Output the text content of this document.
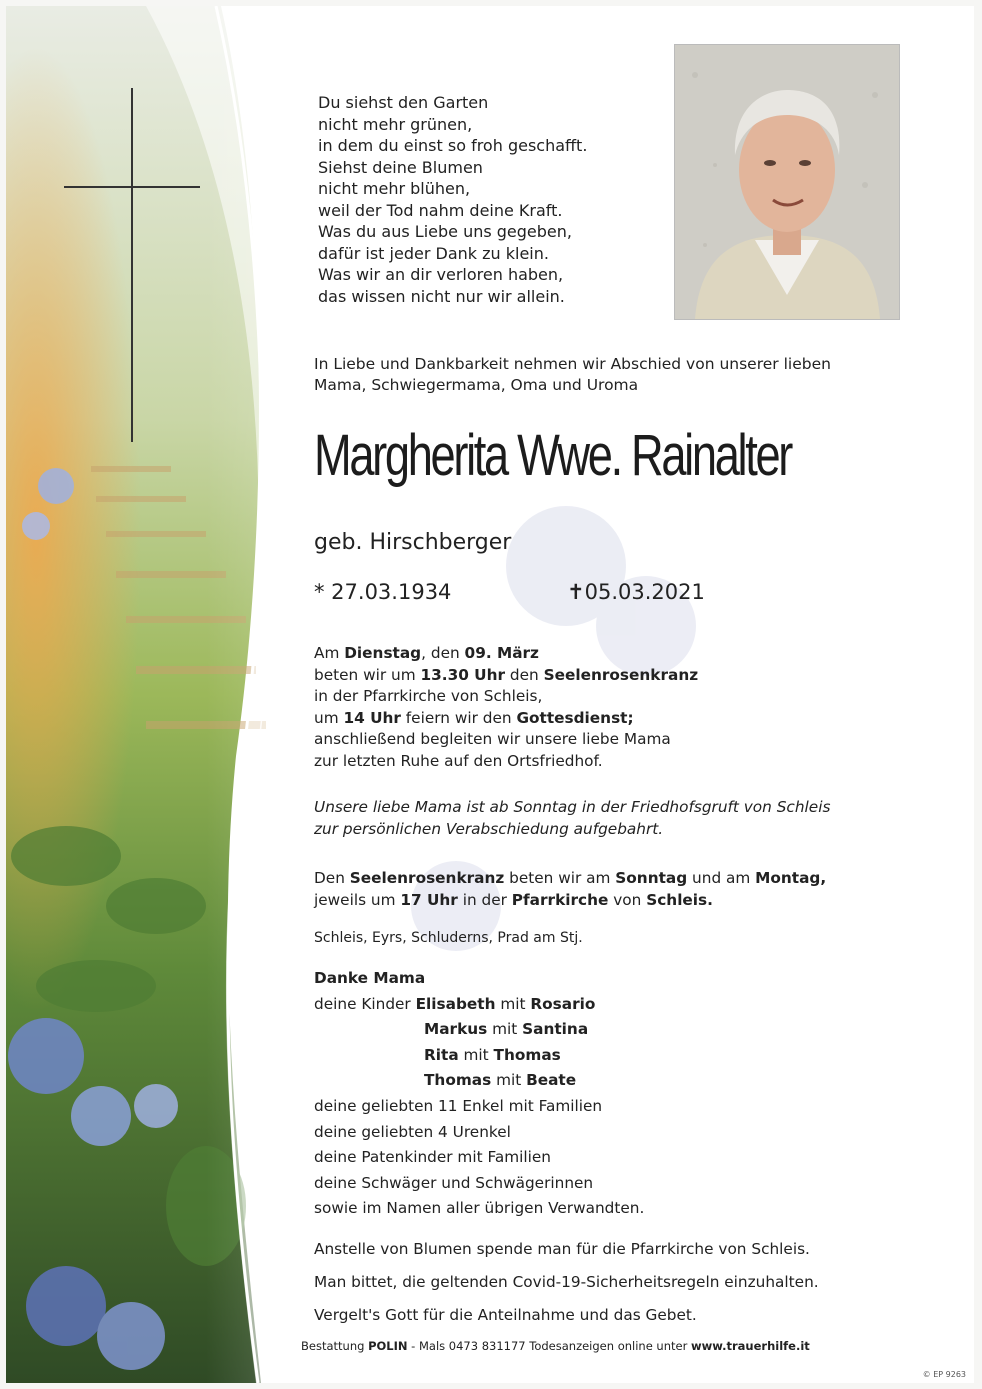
Du siehst den Garten
nicht mehr grünen,
in dem du einst so froh geschafft.
Siehst deine Blumen
nicht mehr blühen,
weil der Tod nahm deine Kraft.
Was du aus Liebe uns gegeben,
dafür ist jeder Dank zu klein.
Was wir an dir verloren haben,
das wissen nicht nur wir allein.
In Liebe und Dankbarkeit nehmen wir Abschied von unserer lieben
Mama, Schwiegermama, Oma und Uroma
Margherita Wwe. Rainalter
geb. Hirschberger
* 27.03.1934	✝05.03.2021
Am Dienstag, den 09. März
beten wir um 13.30 Uhr den Seelenrosenkranz
in der Pfarrkirche von Schleis,
um 14 Uhr feiern wir den Gottesdienst;
anschließend begleiten wir unsere liebe Mama
zur letzten Ruhe auf den Ortsfriedhof.
Unsere liebe Mama ist ab Sonntag in der Friedhofsgruft von Schleis
zur persönlichen Verabschiedung aufgebahrt.
Den Seelenrosenkranz beten wir am Sonntag und am Montag,
jeweils um 17 Uhr in der Pfarrkirche von Schleis.
Schleis, Eyrs, Schluderns, Prad am Stj.
Danke Mama
deine Kinder Elisabeth mit Rosario
Markus mit Santina
Rita mit Thomas
Thomas mit Beate
deine geliebten 11 Enkel mit Familien
deine geliebten 4 Urenkel
deine Patenkinder mit Familien
deine Schwäger und Schwägerinnen
sowie im Namen aller übrigen Verwandten.
Anstelle von Blumen spende man für die Pfarrkirche von Schleis.
Man bittet, die geltenden Covid-19-Sicherheitsregeln einzuhalten.
Vergelt's Gott für die Anteilnahme und das Gebet.
Bestattung POLIN - Mals 0473 831177 Todesanzeigen online unter www.trauerhilfe.it
© EP 9263
